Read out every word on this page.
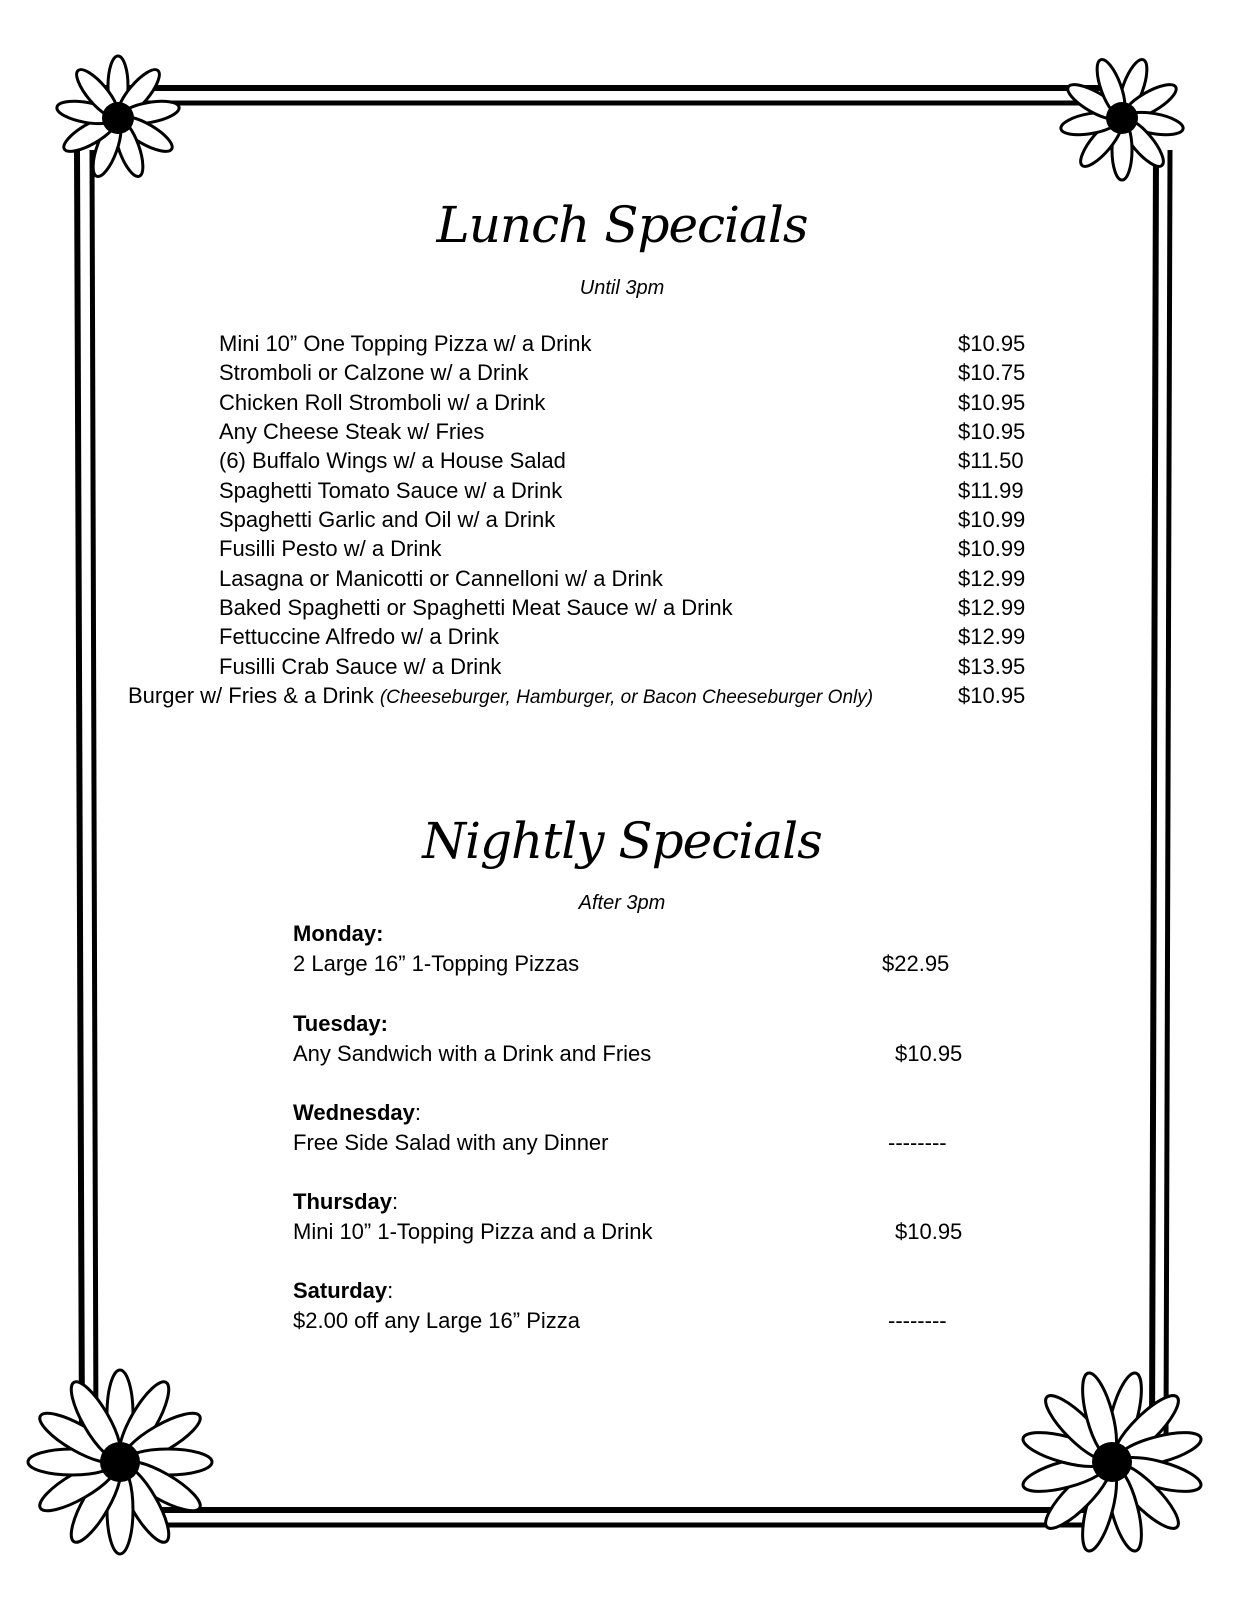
Lunch Specials
Until 3pm
Mini 10” One Topping Pizza w/ a Drink	$10.95
Stromboli or Calzone w/ a Drink	$10.75
Chicken Roll Stromboli w/ a Drink	$10.95
Any Cheese Steak w/ Fries	$10.95
(6) Buffalo Wings w/ a House Salad	$11.50
Spaghetti Tomato Sauce w/ a Drink	$11.99
Spaghetti Garlic and Oil w/ a Drink	$10.99
Fusilli Pesto w/ a Drink	$10.99
Lasagna or Manicotti or Cannelloni w/ a Drink	$12.99
Baked Spaghetti or Spaghetti Meat Sauce w/ a Drink	$12.99
Fettuccine Alfredo w/ a Drink	$12.99
Fusilli Crab Sauce w/ a Drink	$13.95
Burger w/ Fries & a Drink (Cheeseburger, Hamburger, or Bacon Cheeseburger Only)	$10.95
Nightly Specials
After 3pm
Monday:
2 Large 16” 1-Topping Pizzas	$22.95
Tuesday:
Any Sandwich with a Drink and Fries	$10.95
Wednesday:
Free Side Salad with any Dinner	--------
Thursday:
Mini 10” 1-Topping Pizza and a Drink	$10.95
Saturday:
$2.00 off any Large 16” Pizza	--------
